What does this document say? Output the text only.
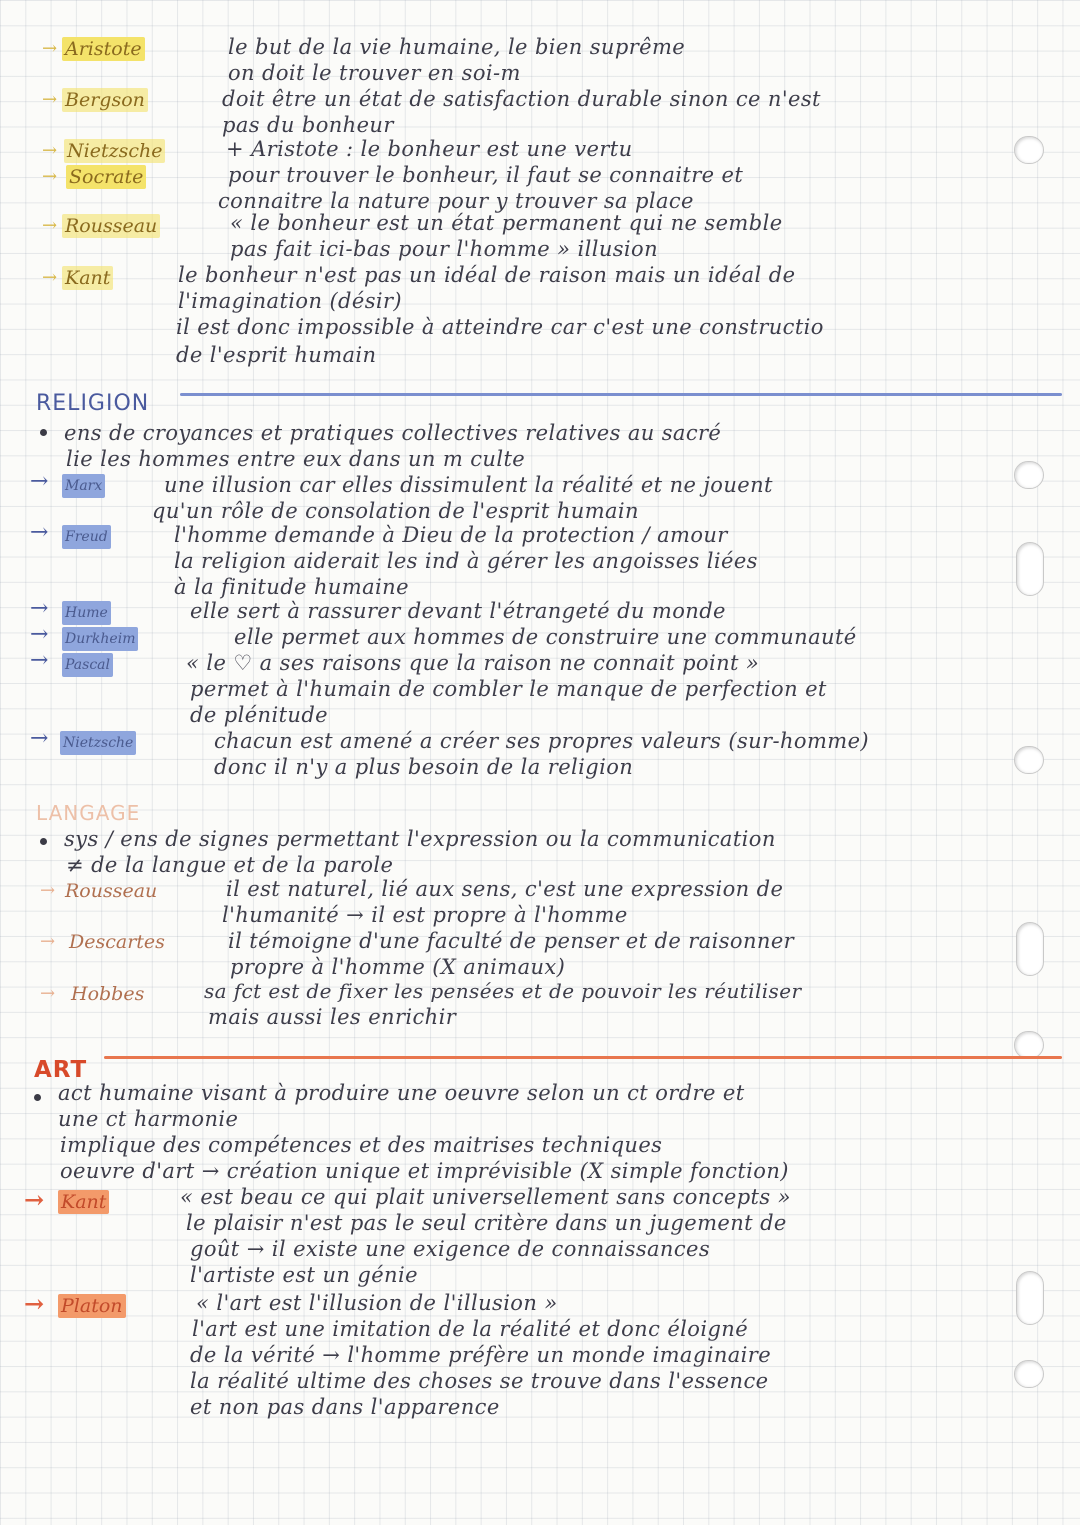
→ Aristote	le but de la vie humaine, le bien suprême
on doit le trouver en soi-m
→ Bergson	doit être un état de satisfaction durable sinon ce n'est
pas du bonheur
→ Nietzsche	+ Aristote : le bonheur est une vertu
→ Socrate	pour trouver le bonheur, il faut se connaitre et
connaitre la nature pour y trouver sa place
→ Rousseau	« le bonheur est un état permanent qui ne semble
pas fait ici-bas pour l'homme » illusion
→ Kant	le bonheur n'est pas un idéal de raison mais un idéal de
l'imagination (désir)
il est donc impossible à atteindre car c'est une constructio
de l'esprit humain
RELIGION
ens de croyances et pratiques collectives relatives au sacré
lie les hommes entre eux dans un m culte
→ Marx	une illusion car elles dissimulent la réalité et ne jouent
qu'un rôle de consolation de l'esprit humain
→ Freud	l'homme demande à Dieu de la protection / amour
la religion aiderait les ind à gérer les angoisses liées
à la finitude humaine
→ Hume	elle sert à rassurer devant l'étrangeté du monde
→ Durkheim	elle permet aux hommes de construire une communauté
→ Pascal	« le ♡ a ses raisons que la raison ne connait point »
permet à l'humain de combler le manque de perfection et
de plénitude
→ Nietzsche	chacun est amené a créer ses propres valeurs (sur-homme)
donc il n'y a plus besoin de la religion
LANGAGE
sys / ens de signes permettant l'expression ou la communication
≠ de la langue et de la parole
→ Rousseau	il est naturel, lié aux sens, c'est une expression de
l'humanité → il est propre à l'homme
→ Descartes	il témoigne d'une faculté de penser et de raisonner
propre à l'homme (X animaux)
→ Hobbes	sa fct est de fixer les pensées et de pouvoir les réutiliser
mais aussi les enrichir
ART
act humaine visant à produire une oeuvre selon un ct ordre et
une ct harmonie
implique des compétences et des maitrises techniques
oeuvre d'art → création unique et imprévisible (X simple fonction)
→ Kant	« est beau ce qui plait universellement sans concepts »
le plaisir n'est pas le seul critère dans un jugement de
goût → il existe une exigence de connaissances
l'artiste est un génie
→ Platon	« l'art est l'illusion de l'illusion »
l'art est une imitation de la réalité et donc éloigné
de la vérité → l'homme préfère un monde imaginaire
la réalité ultime des choses se trouve dans l'essence
et non pas dans l'apparence
